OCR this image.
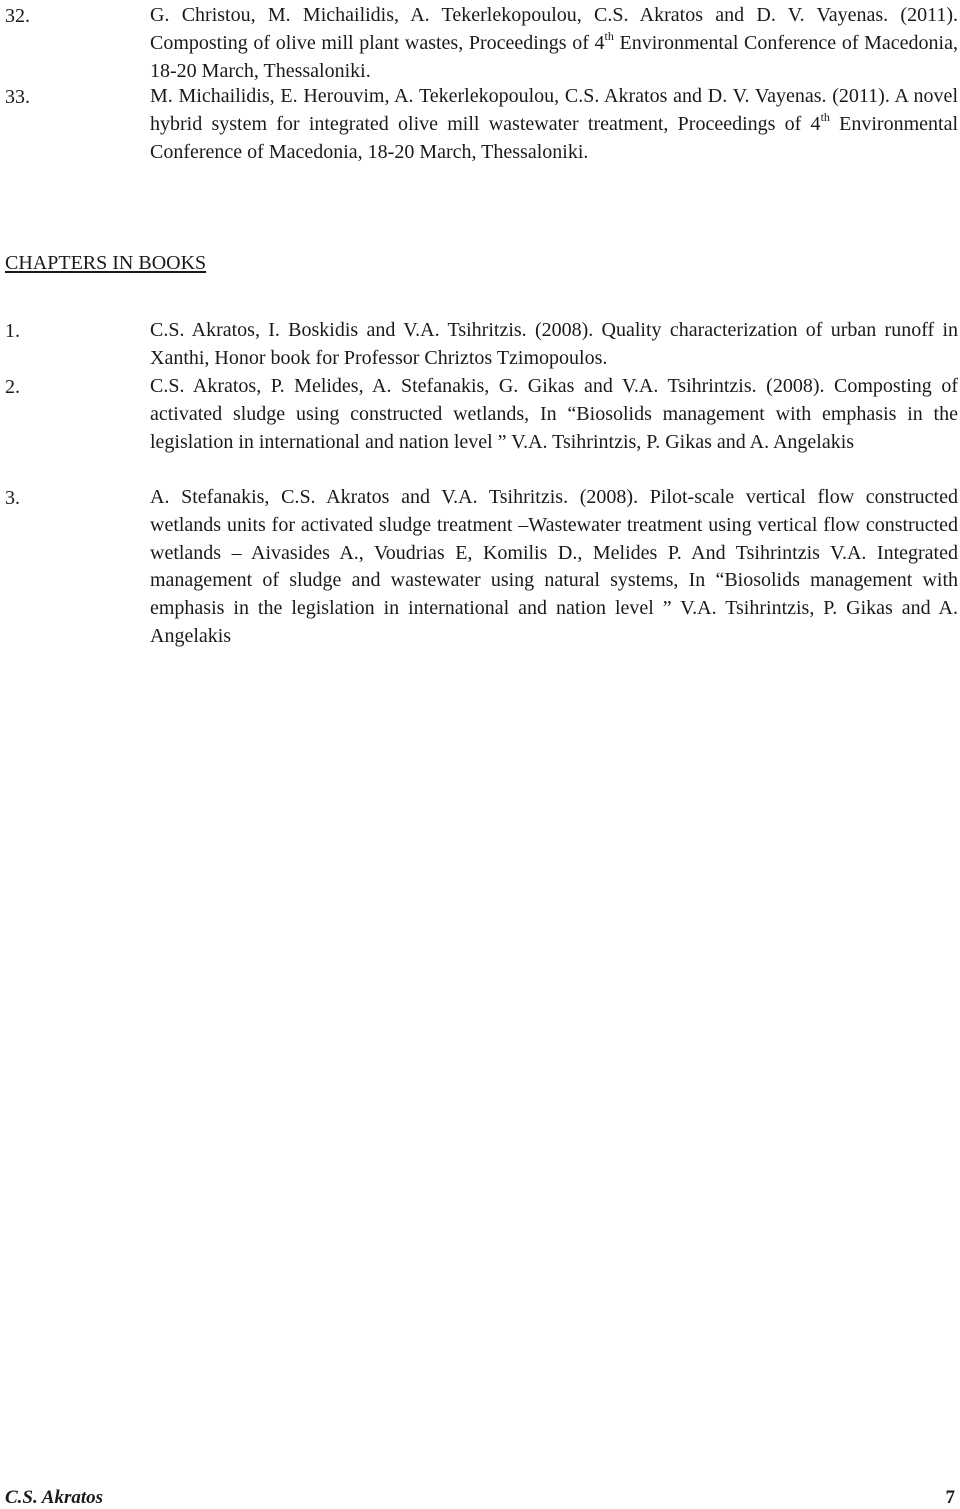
32.	G. Christou, M. Michailidis, A. Tekerlekopoulou, C.S. Akratos and D. V. Vayenas. (2011). Composting of olive mill plant wastes, Proceedings of 4th Environmental Conference of Macedonia, 18-20 March, Thessaloniki.
33.	M. Michailidis, E. Herouvim, A. Tekerlekopoulou, C.S. Akratos and D. V. Vayenas. (2011). A novel hybrid system for integrated olive mill wastewater treatment, Proceedings of 4th Environmental Conference of Macedonia, 18-20 March, Thessaloniki.
CHAPTERS IN BOOKS
1.	C.S. Akratos, I. Boskidis and V.A. Tsihritzis. (2008). Quality characterization of urban runoff in Xanthi, Honor book for Professor Chriztos Tzimopoulos.
2.	C.S. Akratos, P. Melides, A. Stefanakis, G. Gikas and V.A. Tsihrintzis. (2008). Composting of activated sludge using constructed wetlands, In “Biosolids management with emphasis in the legislation in international and nation level ” V.A. Tsihrintzis, P. Gikas and A. Angelakis
3.	A. Stefanakis, C.S. Akratos and V.A. Tsihritzis. (2008). Pilot-scale vertical flow constructed wetlands units for activated sludge treatment –Wastewater treatment using vertical flow constructed wetlands – Aivasides A., Voudrias E, Komilis D., Melides P. And Tsihrintzis V.A. Integrated management of sludge and wastewater using natural systems, In “Biosolids management with emphasis in the legislation in international and nation level ” V.A. Tsihrintzis, P. Gikas and A. Angelakis
C.S. Akratos	7
